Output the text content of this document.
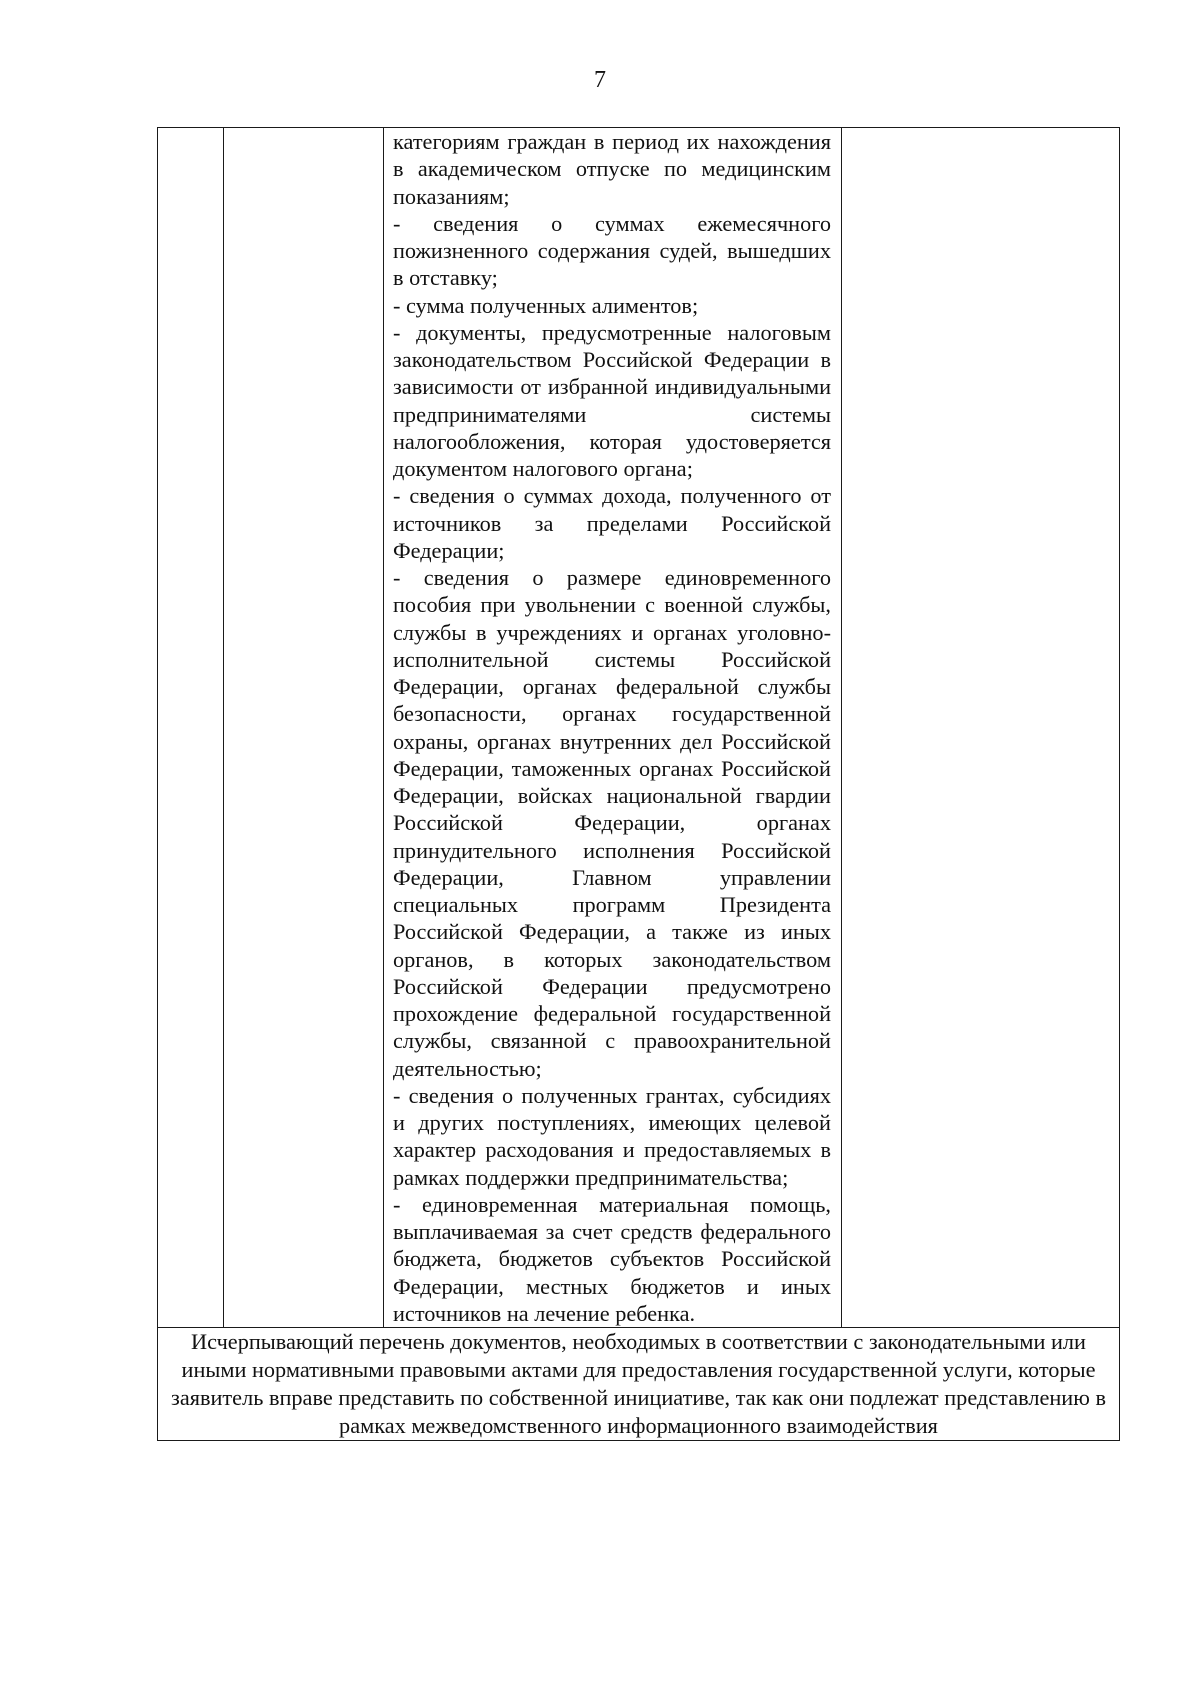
7

категориям граждан в период их нахождения в академическом отпуске по медицинским показаниям;

- сведения о суммах ежемесячного пожизненного содержания судей, вышедших в отставку;

- сумма полученных алиментов;

- документы, предусмотренные налоговым законодательством Российской Федерации в зависимости от избранной индивидуальными предпринимателями системы налогообложения, которая удостоверяется документом налогового органа;

- сведения о суммах дохода, полученного от источников за пределами Российской Федерации;

- сведения о размере единовременного пособия при увольнении с военной службы, службы в учреждениях и органах уголовно-исполнительной системы Российской Федерации, органах федеральной службы безопасности, органах государственной охраны, органах внутренних дел Российской Федерации, таможенных органах Российской Федерации, войсках национальной гвардии Российской Федерации, органах принудительного исполнения Российской Федерации, Главном управлении специальных программ Президента Российской Федерации, а также из иных органов, в которых законодательством Российской Федерации предусмотрено прохождение федеральной государственной службы, связанной с правоохранительной деятельностью;

- сведения о полученных грантах, субсидиях и других поступлениях, имеющих целевой характер расходования и предоставляемых в рамках поддержки предпринимательства;

- единовременная материальная помощь, выплачиваемая за счет средств федерального бюджета, бюджетов субъектов Российской Федерации, местных бюджетов и иных источников на лечение ребенка.

Исчерпывающий перечень документов, необходимых в соответствии с законодательными или иными нормативными правовыми актами для предоставления государственной услуги, которые заявитель вправе представить по собственной инициативе, так как они подлежат представлению в рамках межведомственного информационного взаимодействия
